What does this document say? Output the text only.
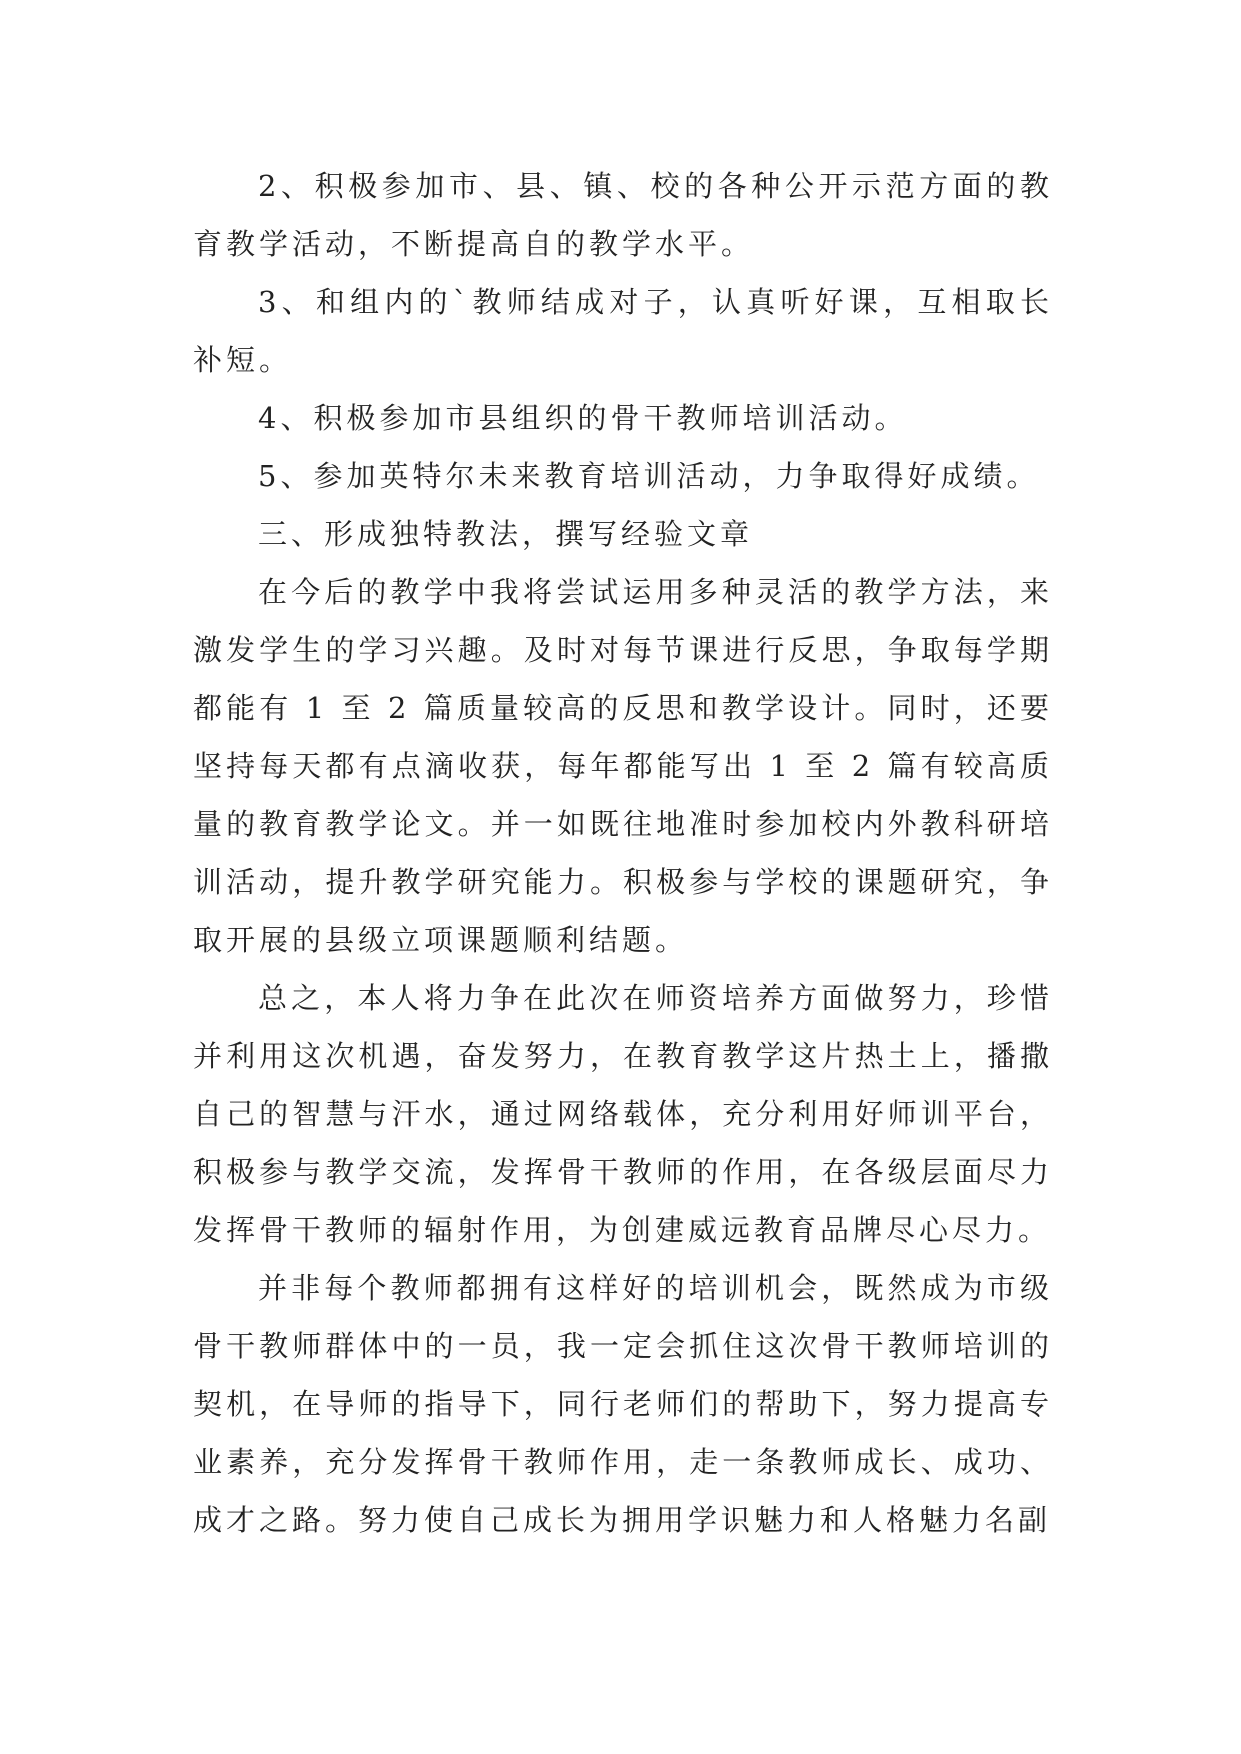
2、积极参加市、县、镇、校的各种公开示范方面的教育教学活动，不断提高自的教学水平。

3、和组内的`教师结成对子，认真听好课，互相取长补短。

4、积极参加市县组织的骨干教师培训活动。

5、参加英特尔未来教育培训活动，力争取得好成绩。

三、形成独特教法，撰写经验文章

在今后的教学中我将尝试运用多种灵活的教学方法，来激发学生的学习兴趣。及时对每节课进行反思，争取每学期都能有 1 至 2 篇质量较高的反思和教学设计。同时，还要坚持每天都有点滴收获，每年都能写出 1 至 2 篇有较高质量的教育教学论文。并一如既往地准时参加校内外教科研培训活动，提升教学研究能力。积极参与学校的课题研究，争取开展的县级立项课题顺利结题。

总之，本人将力争在此次在师资培养方面做努力，珍惜并利用这次机遇，奋发努力，在教育教学这片热土上，播撒自己的智慧与汗水，通过网络载体，充分利用好师训平台，积极参与教学交流，发挥骨干教师的作用，在各级层面尽力发挥骨干教师的辐射作用，为创建威远教育品牌尽心尽力。

并非每个教师都拥有这样好的培训机会，既然成为市级骨干教师群体中的一员，我一定会抓住这次骨干教师培训的契机，在导师的指导下，同行老师们的帮助下，努力提高专业素养，充分发挥骨干教师作用，走一条教师成长、成功、成才之路。努力使自己成长为拥用学识魅力和人格魅力名副
